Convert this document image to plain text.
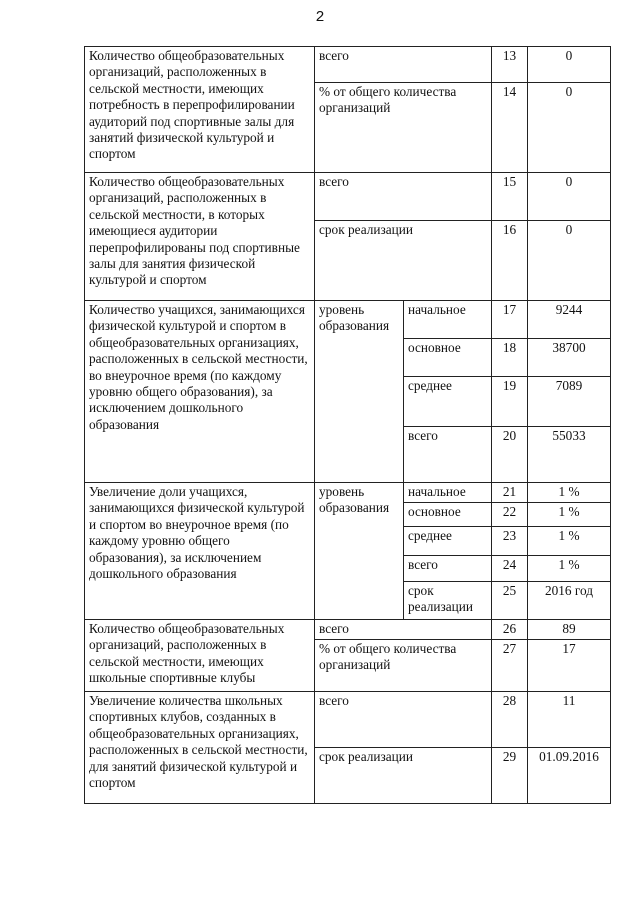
2
Количество общеобразовательных организаций, расположенных в сельской местности, имеющих потребность в перепрофилировании аудиторий под спортивные залы для занятий физической культурой и спортом	всего		13	0
	% от общего количества организаций		14	0
Количество общеобразовательных организаций, расположенных в сельской местности, в которых имеющиеся аудитории перепрофилированы под спортивные залы для занятия физической культурой и спортом	всего		15	0
	срок реализации		16	0
Количество учащихся, занимающихся физической культурой и спортом в общеобразовательных организациях, расположенных в сельской местности, во внеурочное время (по каждому уровню общего образования), за исключением дошкольного образования	уровень образования	начальное	17	9244
		основное	18	38700
		среднее	19	7089
		всего	20	55033
Увеличение доли учащихся, занимающихся физической культурой и спортом во внеурочное время (по каждому уровню общего образования), за исключением дошкольного образования	уровень образования	начальное	21	1 %
		основное	22	1 %
		среднее	23	1 %
		всего	24	1 %
		срок реализации	25	2016 год
Количество общеобразовательных организаций, расположенных в сельской местности, имеющих школьные спортивные клубы	всего		26	89
	% от общего количества организаций		27	17
Увеличение количества школьных спортивных клубов, созданных в общеобразовательных организациях, расположенных в сельской местности, для занятий физической культурой и спортом	всего		28	11
	срок реализации		29	01.09.2016
